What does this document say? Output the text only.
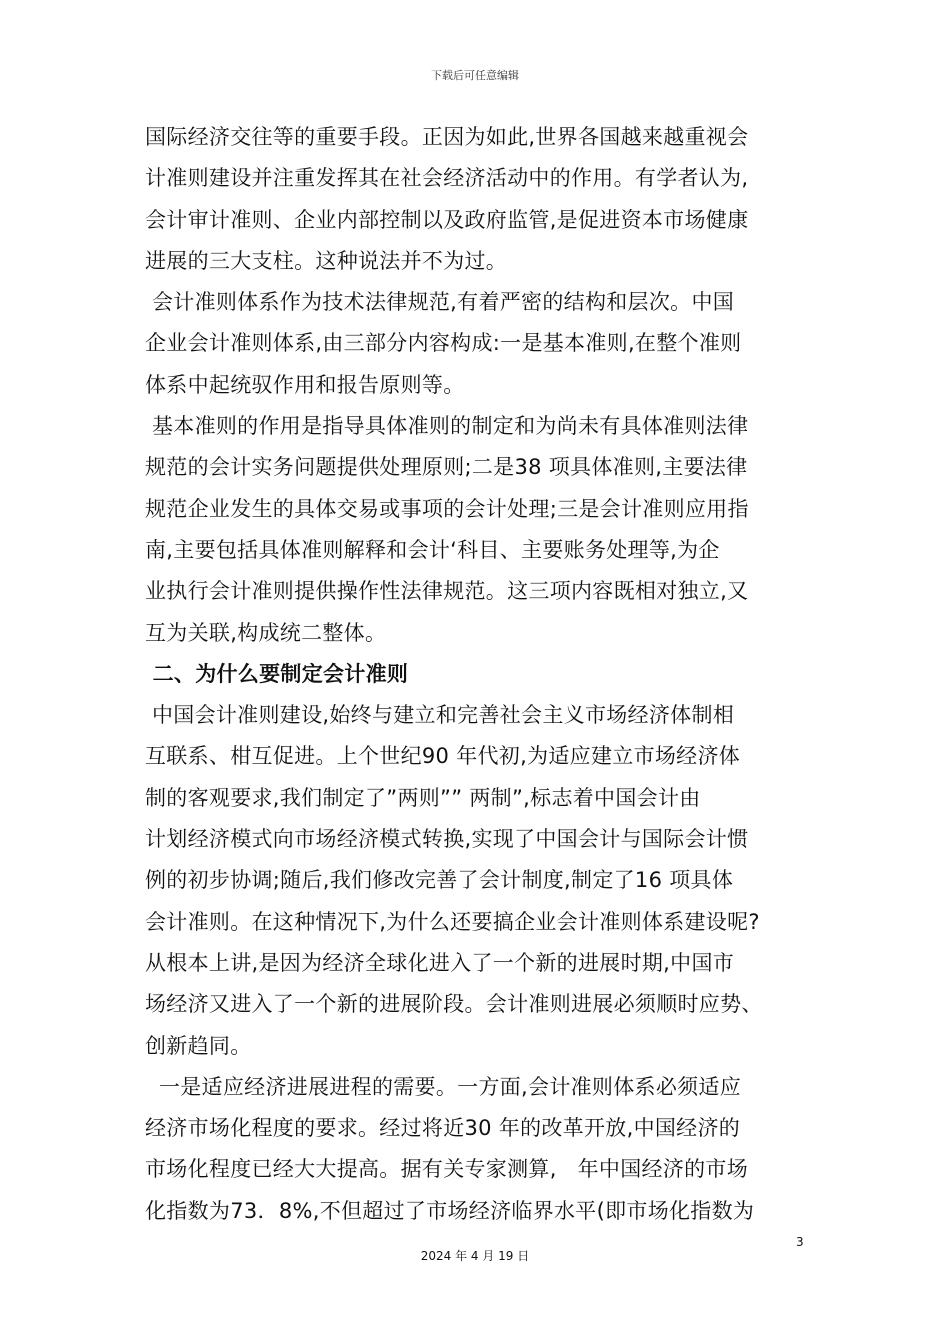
下载后可任意编辑

国际经济交往等的重要手段。正因为如此,世界各国越来越重视会

计准则建设并注重发挥其在社会经济活动中的作用。有学者认为,

会计审计准则、企业内部控制以及政府监管,是促进资本市场健康

进展的三大支柱。这种说法并不为过。

会计准则体系作为技术法律规范,有着严密的结构和层次。中国

企业会计准则体系,由三部分内容构成:一是基本准则,在整个准则

体系中起统驭作用和报告原则等。

基本准则的作用是指导具体准则的制定和为尚未有具体准则法律

规范的会计实务问题提供处理原则;二是38 项具体准则,主要法律

规范企业发生的具体交易或事项的会计处理;三是会计准则应用指

南,主要包括具体准则解释和会计‘科目、主要账务处理等,为企

业执行会计准则提供操作性法律规范。这三项内容既相对独立,又

互为关联,构成统二整体。

二、为什么要制定会计准则

中国会计准则建设,始终与建立和完善社会主义市场经济体制相

互联系、柑互促进。上个世纪90 年代初,为适应建立市场经济体

制的客观要求,我们制定了”两则”” 两制”,标志着中国会计由

计划经济模式向市场经济模式转换,实现了中国会计与国际会计惯

例的初步协调;随后,我们修改完善了会计制度,制定了16 项具体

会计准则。在这种情况下,为什么还要搞企业会计准则体系建设呢?

从根本上讲,是因为经济全球化进入了一个新的进展时期,中国市

场经济又进入了一个新的进展阶段。会计准则进展必须顺时应势、

创新趋同。

一是适应经济进展进程的需要。一方面,会计准则体系必须适应

经济市场化程度的要求。经过将近30 年的改革开放,中国经济的

市场化程度已经大大提高。据有关专家测算,   年中国经济的市场

化指数为73．8%,不但超过了市场经济临界水平(即市场化指数为

3
2024 年 4 月 19 日
